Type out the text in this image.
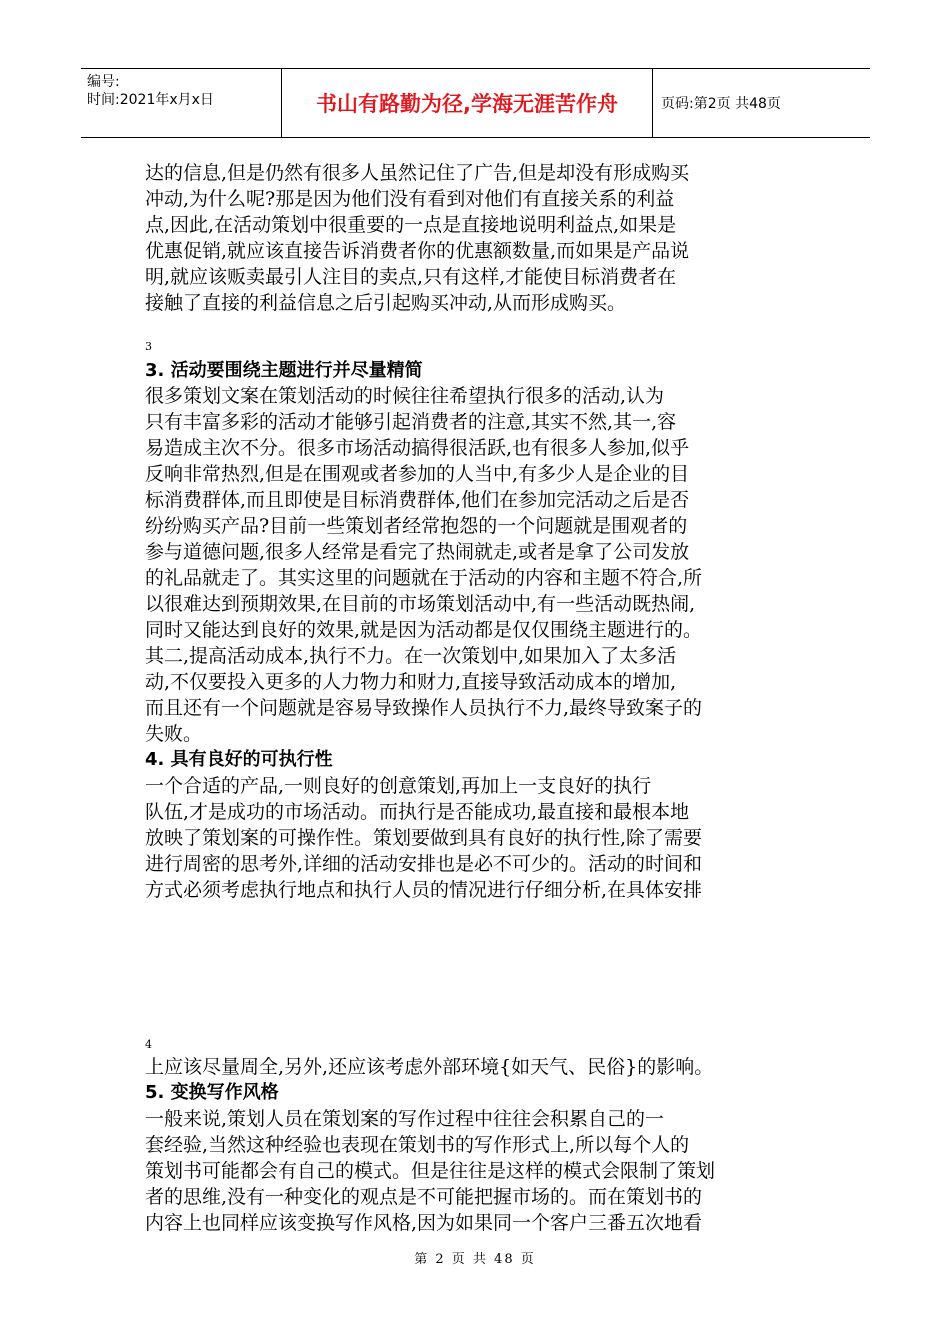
编号:
时间:2021年x月x日	书山有路勤为径,学海无涯苦作舟	页码:第2页 共48页
达的信息,但是仍然有很多人虽然记住了广告,但是却没有形成购买
冲动,为什么呢?那是因为他们没有看到对他们有直接关系的利益
点,因此,在活动策划中很重要的一点是直接地说明利益点,如果是
优惠促销,就应该直接告诉消费者你的优惠额数量,而如果是产品说
明,就应该贩卖最引人注目的卖点,只有这样,才能使目标消费者在
接触了直接的利益信息之后引起购买冲动,从而形成购买。
3
3. 活动要围绕主题进行并尽量精简
很多策划文案在策划活动的时候往往希望执行很多的活动,认为
只有丰富多彩的活动才能够引起消费者的注意,其实不然,其一,容
易造成主次不分。很多市场活动搞得很活跃,也有很多人参加,似乎
反响非常热烈,但是在围观或者参加的人当中,有多少人是企业的目
标消费群体,而且即使是目标消费群体,他们在参加完活动之后是否
纷纷购买产品?目前一些策划者经常抱怨的一个问题就是围观者的
参与道德问题,很多人经常是看完了热闹就走,或者是拿了公司发放
的礼品就走了。其实这里的问题就在于活动的内容和主题不符合,所
以很难达到预期效果,在目前的市场策划活动中,有一些活动既热闹,
同时又能达到良好的效果,就是因为活动都是仅仅围绕主题进行的。
其二,提高活动成本,执行不力。在一次策划中,如果加入了太多活
动,不仅要投入更多的人力物力和财力,直接导致活动成本的增加,
而且还有一个问题就是容易导致操作人员执行不力,最终导致案子的
失败。
4. 具有良好的可执行性
一个合适的产品,一则良好的创意策划,再加上一支良好的执行
队伍,才是成功的市场活动。而执行是否能成功,最直接和最根本地
放映了策划案的可操作性。策划要做到具有良好的执行性,除了需要
进行周密的思考外,详细的活动安排也是必不可少的。活动的时间和
方式必须考虑执行地点和执行人员的情况进行仔细分析,在具体安排
4
上应该尽量周全,另外,还应该考虑外部环境{如天气、民俗}的影响。
5. 变换写作风格
一般来说,策划人员在策划案的写作过程中往往会积累自己的一
套经验,当然这种经验也表现在策划书的写作形式上,所以每个人的
策划书可能都会有自己的模式。但是往往是这样的模式会限制了策划
者的思维,没有一种变化的观点是不可能把握市场的。而在策划书的
内容上也同样应该变换写作风格,因为如果同一个客户三番五次地看
第 2 页 共 48 页
